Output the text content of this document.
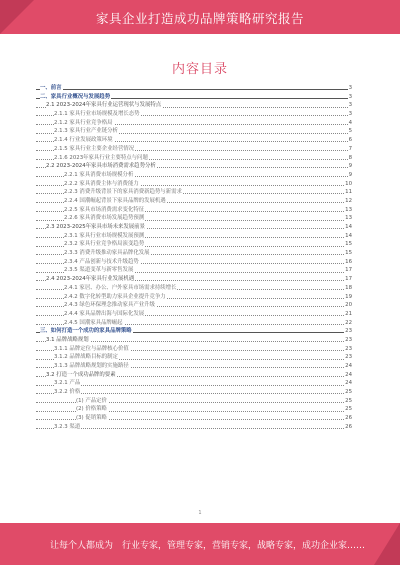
家具企业打造成功品牌策略研究报告
内容目录
一、前言	3
二、家具行业概况与发展趋势	3
2.1 2023-2024年家具行业运营现状与发展特点	3
2.1.1 家具行业市场规模及增长态势	3
2.1.2 家具行业竞争格局	4
2.1.3 家具行业产业链分析	5
2.1.4 行业发展政策环境	6
2.1.5 家具行业主要企业经营情况	7
2.1.6 2023年家具行业主要特点与问题	8
2.2 2023-2024年家具市场消费需求趋势分析	9
2.2.1 家具消费市场规模分析	9
2.2.2 家具消费主体与消费能力	10
2.2.3 消费升级背景下的家具消费新趋势与新需求	11
2.2.4 国潮崛起背景下家具品牌的发展机遇	12
2.2.5 家具市场消费需求变化特征	13
2.2.6 家具消费市场发展趋势预测	13
2.3 2023-2025年家具市场未来发展前景	14
2.3.1 家具行业市场规模发展预测	14
2.3.2 家具行业竞争格局演变趋势	15
2.3.3 消费升级推动家具品牌化发展	15
2.3.4 产品创新与技术升级趋势	16
2.3.5 渠道变革与新零售发展	17
2.4 2023-2024年家具行业发展机遇	17
2.4.1 家居、办公、户外家具市场需求持续增长	18
2.4.2 数字化转型助力家具企业提升竞争力	19
2.4.3 绿色环保理念推动家具产业升级	20
2.4.4 家具品牌出海与国际化发展	21
2.4.5 国潮家具品牌崛起	22
三、如何打造一个成功的家具品牌策略	23
3.1 品牌战略规划	23
3.1.1 品牌定位与品牌核心价值	23
3.1.2 品牌战略目标的制定	23
3.1.3 品牌战略规划的实施路径	24
3.2 打造一个成功品牌的要素	24
3.2.1 产品	24
3.2.2 价格	25
(1) 产品定价	25
(2) 价格策略	25
(3) 促销策略	26
3.2.3 渠道	26
1
让每个人都成为 行业专家，管理专家，营销专家，战略专家，成功企业家……
